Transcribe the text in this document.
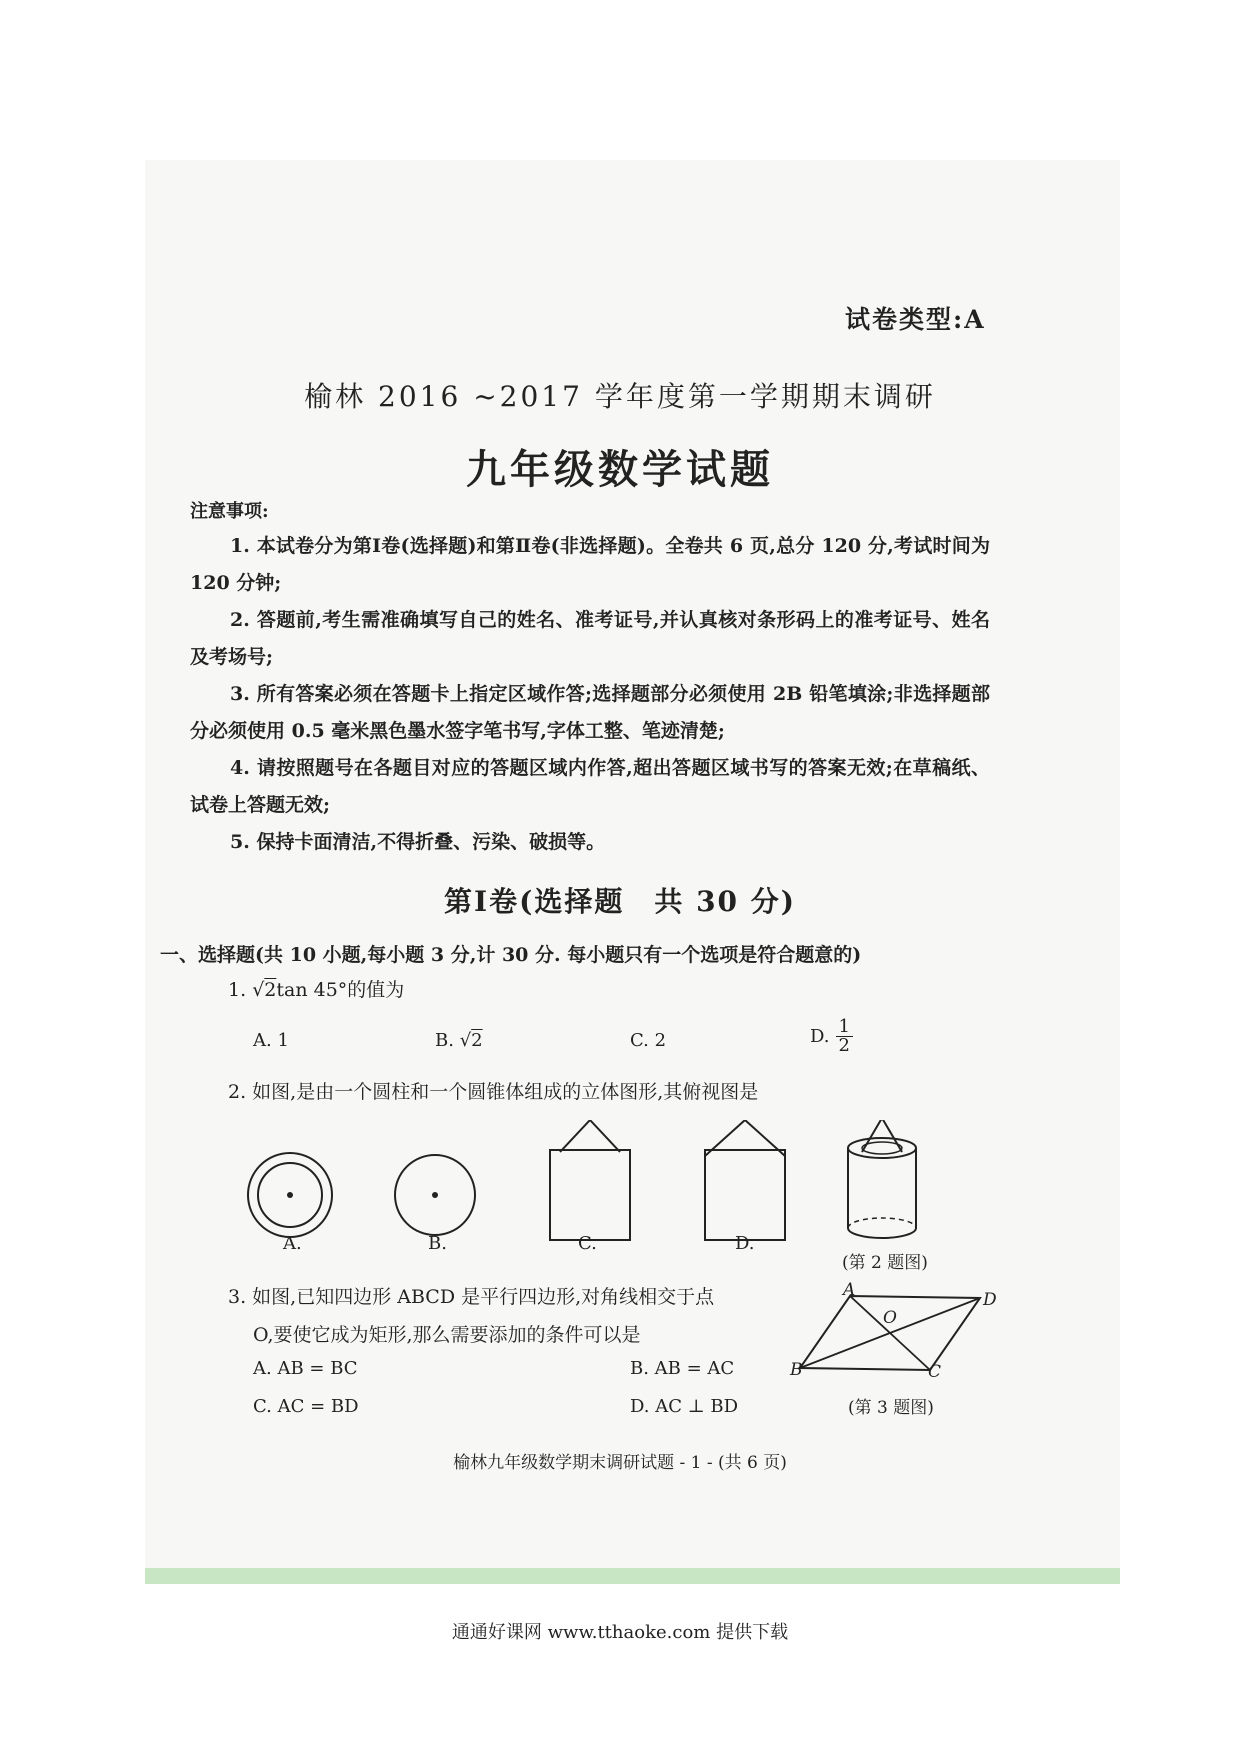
试卷类型:A
榆林 2016 ~2017 学年度第一学期期末调研
九年级数学试题
注意事项:

1. 本试卷分为第Ⅰ卷(选择题)和第Ⅱ卷(非选择题)。全卷共 6 页,总分 120 分,考试时间为 120 分钟;

2. 答题前,考生需准确填写自己的姓名、准考证号,并认真核对条形码上的准考证号、姓名及考场号;

3. 所有答案必须在答题卡上指定区域作答;选择题部分必须使用 2B 铅笔填涂;非选择题部分必须使用 0.5 毫米黑色墨水签字笔书写,字体工整、笔迹清楚;

4. 请按照题号在各题目对应的答题区域内作答,超出答题区域书写的答案无效;在草稿纸、试卷上答题无效;

5. 保持卡面清洁,不得折叠、污染、破损等。

第Ⅰ卷(选择题　共 30 分)
一、选择题(共 10 小题,每小题 3 分,计 30 分. 每小题只有一个选项是符合题意的)
1. √2tan 45°的值为
A. 1	B. √2	C. 2	D. $\frac{1}{2}$
2. 如图,是由一个圆柱和一个圆锥体组成的立体图形,其俯视图是
A.	B.	C.	D.
(第 2 题图)
3. 如图,已知四边形 ABCD 是平行四边形,对角线相交于点
O,要使它成为矩形,那么需要添加的条件可以是
A. AB = BC	B. AB = AC
C. AC = BD	D. AC ⊥ BD
A
B	C
D
O
(第 3 题图)
榆林九年级数学期末调研试题 - 1 - (共 6 页)
通通好课网 www.tthaoke.com 提供下载
